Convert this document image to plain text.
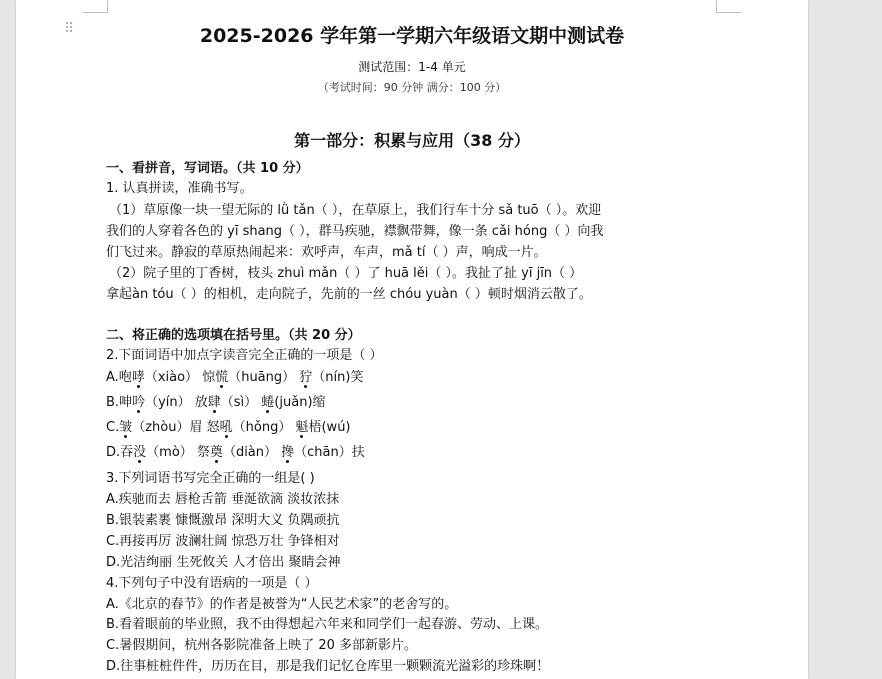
⠿	2025-2026 学年第一学期六年级语文期中测试卷
测试范围：1-4 单元
（考试时间：90 分钟 满分：100 分）
第一部分：积累与应用（38 分）
一、看拼音，写词语。（共 10 分）
1. 认真拼读，准确书写。
（1）草原像一块一望无际的 lǜ tǎn（ ），在草原上，我们行车十分 sǎ tuō（ ）。欢迎
我们的人穿着各色的 yī shang（ ），群马疾驰，襟飘带舞，像一条 cǎi hóng（ ）向我
们飞过来。静寂的草原热闹起来：欢呼声，车声，mǎ tí（ ）声，响成一片。
（2）院子里的丁香树，枝头 zhuì mǎn（ ）了 huā lěi（ ）。我扯了扯 yī jīn（ ）
拿起àn tóu（ ）的相机，走向院子，先前的一丝 chóu yuàn（ ）顿时烟消云散了。
二、将正确的选项填在括号里。（共 20 分）
2.下面词语中加点字读音完全正确的一项是（ ）
A.咆哮（xiào） 惊慌（huāng） 狞（nín)笑
B.呻吟（yín） 放肆（sì） 蜷(juǎn)缩
C.皱（zhòu）眉 怒吼（hǒng） 魁梧(wú)
D.吞没（mò） 祭奠（diàn） 搀（chān）扶
3.下列词语书写完全正确的一组是( )
A.疾驰而去 唇枪舌箭 垂涎欲滴 淡妆浓抹
B.银装素裹 慷慨激昂 深明大义 负隅顽抗
C.再接再厉 波澜壮阔 惊恐万壮 争锋相对
D.光洁绚丽 生死攸关 人才倍出 聚睛会神
4.下列句子中没有语病的一项是（ ）
A.《北京的春节》的作者是被誉为“人民艺术家”的老舍写的。
B.看着眼前的毕业照，我不由得想起六年来和同学们一起春游、劳动、上课。
C.暑假期间，杭州各影院准备上映了 20 多部新影片。
D.往事桩桩件件，历历在目，那是我们记忆仓库里一颗颗流光溢彩的珍珠啊！
